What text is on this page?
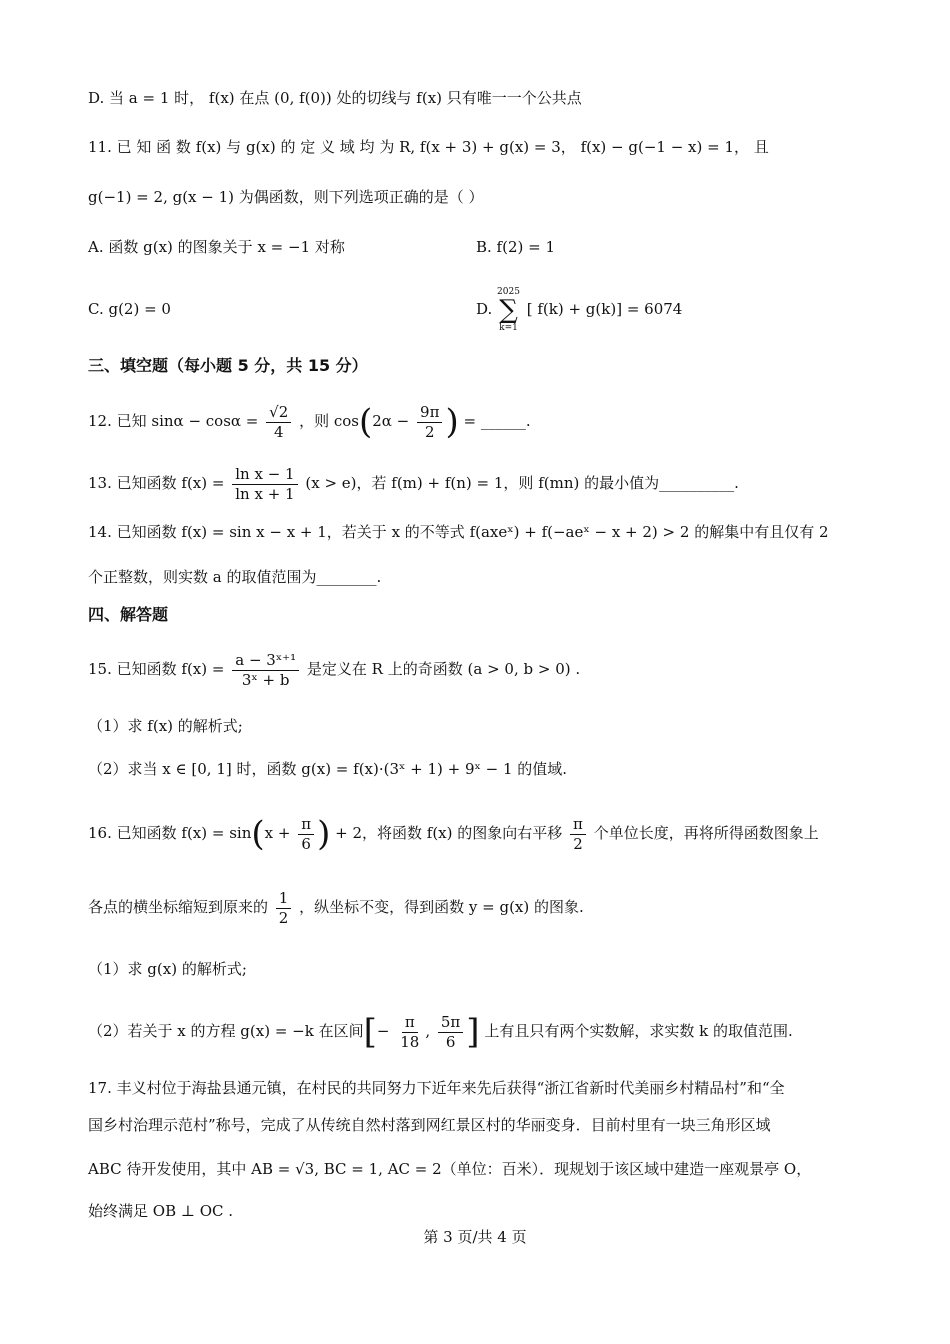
D. 当 a = 1 时， f(x) 在点 (0, f(0)) 处的切线与 f(x) 只有唯一一个公共点
11. 已 知 函 数 f(x) 与 g(x) 的 定 义 域 均 为 R, f(x + 3) + g(x) = 3， f(x) − g(−1 − x) = 1， 且
g(−1) = 2, g(x − 1) 为偶函数，则下列选项正确的是（ ）
A. 函数 g(x) 的图象关于 x = −1 对称	B. f(2) = 1
C. g(2) = 0	D.
2025
∑
k=1
[ f(k) + g(k)] = 6074
三、填空题（每小题 5 分，共 15 分）
12. 已知 $\sin\alpha - \cos\alpha = \frac{√2}{4}$ ，则 $\cos(2\alpha - \frac{9\pi}{2}$ ) = ______.
13. 已知函数 $f(x) = \frac{\text{ln x − 1}}{\text{ln x + 1}} (x > e)$，若 f(m) + f(n) = 1，则 f(mn) 的最小值为__________.
14. 已知函数 f(x) = sin x − x + 1，若关于 x 的不等式 f(axeˣ) + f(−aeˣ − x + 2) > 2 的解集中有且仅有 2
个正整数，则实数 a 的取值范围为________.
四、解答题
15. 已知函数 $f(x) = \frac{\text{a − 3ˣ⁺¹}}{\text{3ˣ + b}}$ 是定义在 R 上的奇函数 (a > 0, b > 0) .
（1）求 f(x) 的解析式;
（2）求当 x ∈ [0, 1] 时，函数 g(x) = f(x)·(3ˣ + 1) + 9ˣ − 1 的值域.
16. 已知函数 $f(x) = \sin(x + \frac{\pi}{6}$ ) + 2，将函数 f(x) 的图象向右平移 $\frac{\pi}{2}$ 个单位长度，再将所得函数图象上
各点的横坐标缩短到原来的 $\frac{1}{2}$ ，纵坐标不变，得到函数 y = g(x) 的图象.
（1）求 g(x) 的解析式;
（2）若关于 x 的方程 g(x) = −k 在区间[− $\frac{\pi}{18}$ , $\frac{5\pi}{6}$ ] 上有且只有两个实数解，求实数 k 的取值范围.
17. 丰义村位于海盐县通元镇，在村民的共同努力下近年来先后获得“浙江省新时代美丽乡村精品村”和“全
国乡村治理示范村”称号，完成了从传统自然村落到网红景区村的华丽变身．目前村里有一块三角形区域
ABC 待开发使用，其中 AB = √3, BC = 1, AC = 2（单位：百米）．现规划于该区域中建造一座观景亭 O，
始终满足 OB ⊥ OC .
第 3 页/共 4 页
